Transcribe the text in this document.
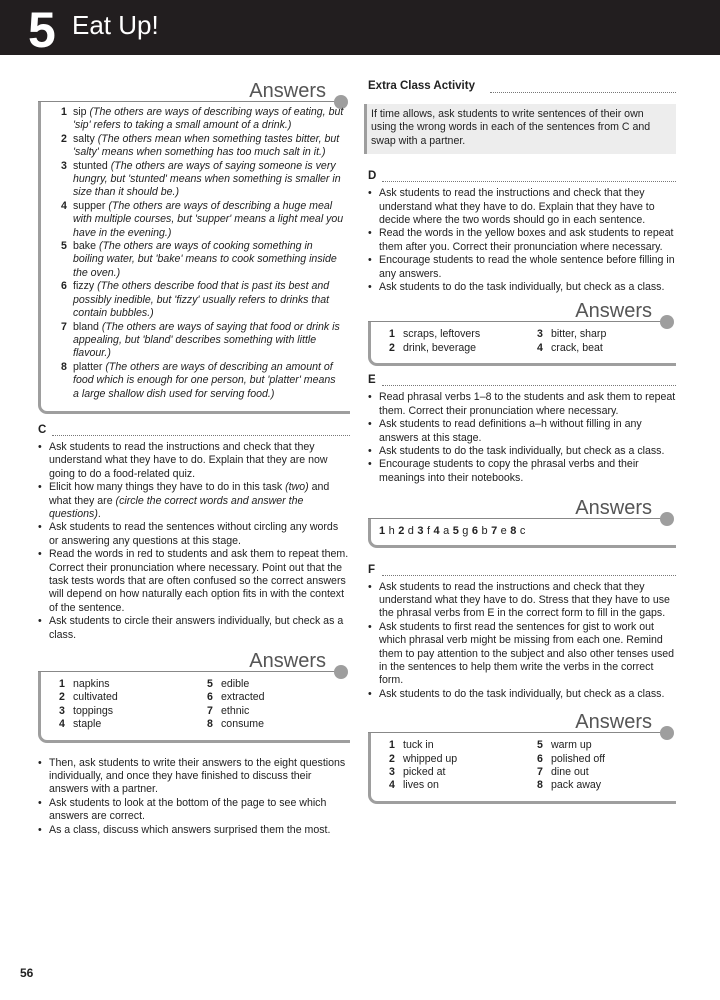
5 Eat Up!
Answers
1 sip (The others are ways of describing ways of eating, but 'sip' refers to taking a small amount of a drink.)
2 salty (The others mean when something tastes bitter, but 'salty' means when something has too much salt in it.)
3 stunted (The others are ways of saying someone is very hungry, but 'stunted' means when something is smaller in size than it should be.)
4 supper (The others are ways of describing a huge meal with multiple courses, but 'supper' means a light meal you have in the evening.)
5 bake (The others are ways of cooking something in boiling water, but 'bake' means to cook something inside the oven.)
6 fizzy (The others describe food that is past its best and possibly inedible, but 'fizzy' usually refers to drinks that contain bubbles.)
7 bland (The others are ways of saying that food or drink is appealing, but 'bland' describes something with little flavour.)
8 platter (The others are ways of describing an amount of food which is enough for one person, but 'platter' means a large shallow dish used for serving food.)
C
• Ask students to read the instructions and check that they understand what they have to do. Explain that they are now going to do a food-related quiz.
• Elicit how many things they have to do in this task (two) and what they are (circle the correct words and answer the questions).
• Ask students to read the sentences without circling any words or answering any questions at this stage.
• Read the words in red to students and ask them to repeat them. Correct their pronunciation where necessary. Point out that the task tests words that are often confused so the correct answers will depend on how naturally each option fits in with the context of the sentence.
• Ask students to circle their answers individually, but check as a class.
Answers
1 napkins	5 edible
2 cultivated	6 extracted
3 toppings	7 ethnic
4 staple	8 consume
• Then, ask students to write their answers to the eight questions individually, and once they have finished to discuss their answers with a partner.
• Ask students to look at the bottom of the page to see which answers are correct.
• As a class, discuss which answers surprised them the most.
Extra Class Activity
If time allows, ask students to write sentences of their own using the wrong words in each of the sentences from C and swap with a partner.
D
• Ask students to read the instructions and check that they understand what they have to do. Explain that they have to decide where the two words should go in each sentence.
• Read the words in the yellow boxes and ask students to repeat them after you. Correct their pronunciation where necessary.
• Encourage students to read the whole sentence before filling in any answers.
• Ask students to do the task individually, but check as a class.
Answers
1 scraps, leftovers	3 bitter, sharp
2 drink, beverage	4 crack, beat
E
• Read phrasal verbs 1–8 to the students and ask them to repeat them. Correct their pronunciation where necessary.
• Ask students to read definitions a–h without filling in any answers at this stage.
• Ask students to do the task individually, but check as a class.
• Encourage students to copy the phrasal verbs and their meanings into their notebooks.
Answers
1 h 2 d 3 f 4 a 5 g 6 b 7 e 8 c
F
• Ask students to read the instructions and check that they understand what they have to do. Stress that they have to use the phrasal verbs from E in the correct form to fill in the gaps.
• Ask students to first read the sentences for gist to work out which phrasal verb might be missing from each one. Remind them to pay attention to the subject and also other tenses used in the sentences to help them write the verbs in the correct form.
• Ask students to do the task individually, but check as a class.
Answers
1 tuck in	5 warm up
2 whipped up	6 polished off
3 picked at	7 dine out
4 lives on	8 pack away
56
